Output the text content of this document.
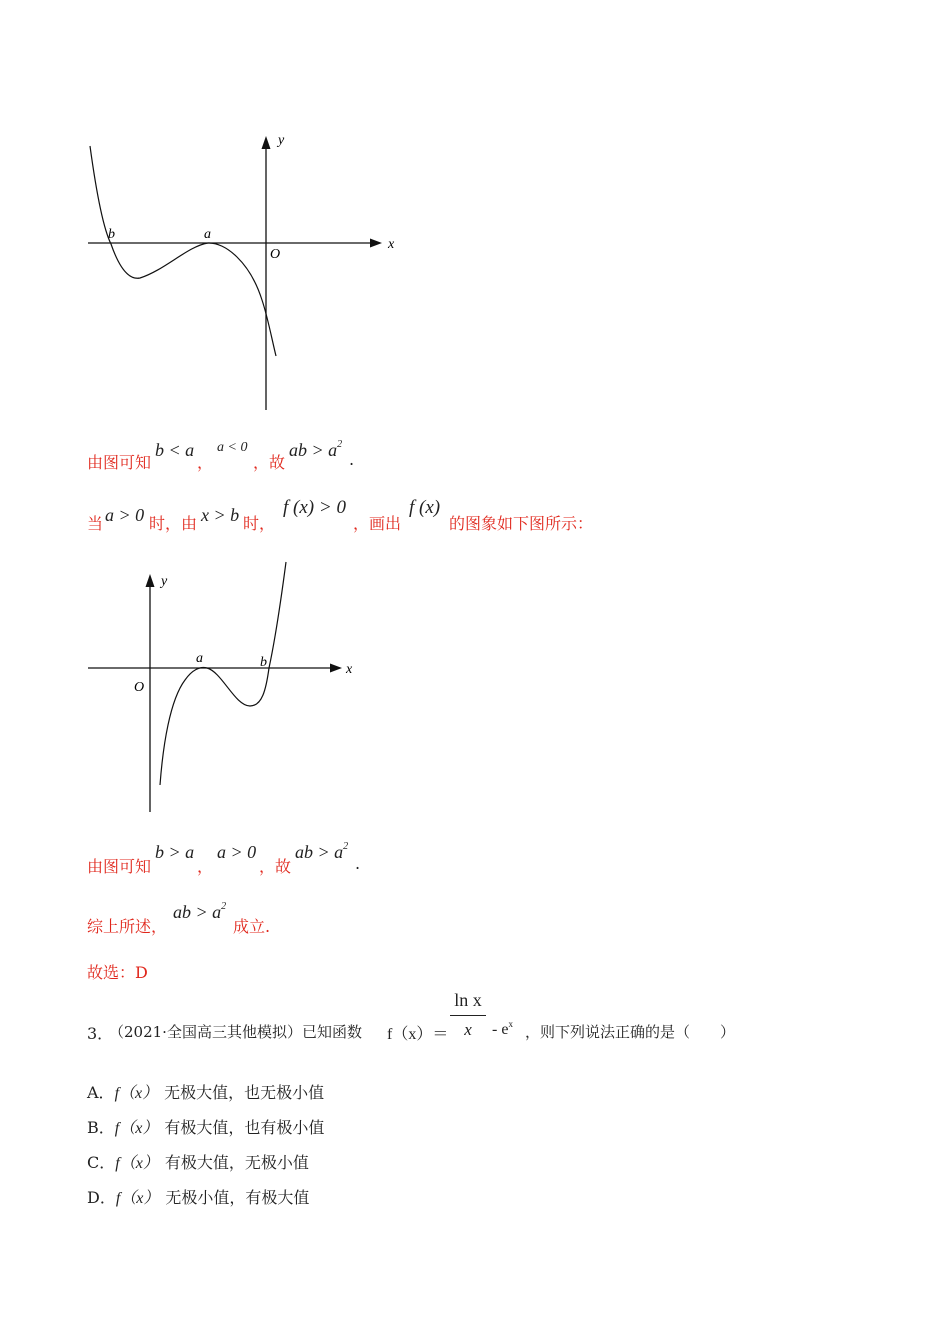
y
x
O
b	a
由图可知
b < a
，
a < 0
，故
ab > $a^2$
.
当 a > 0 时，由 x > b 时，
f (x) > 0
，画出
f (x)
的图象如下图所示：
y
x
O
a	b
由图可知
b > a
，
a > 0
，故
ab > $a^2$
.
综上所述，
ab > $a^2$
成立.
故选：D
3．
（2021·全国高三其他模拟）已知函数 $f(x)= \frac{\text{ln x}}{x} - e^x$ ，则下列说法正确的是（　　）
A．f（x） 无极大值，也无极小值
B．f（x） 有极大值，也有极小值
C．f（x） 有极大值，无极小值
D．f（x） 无极小值，有极大值
